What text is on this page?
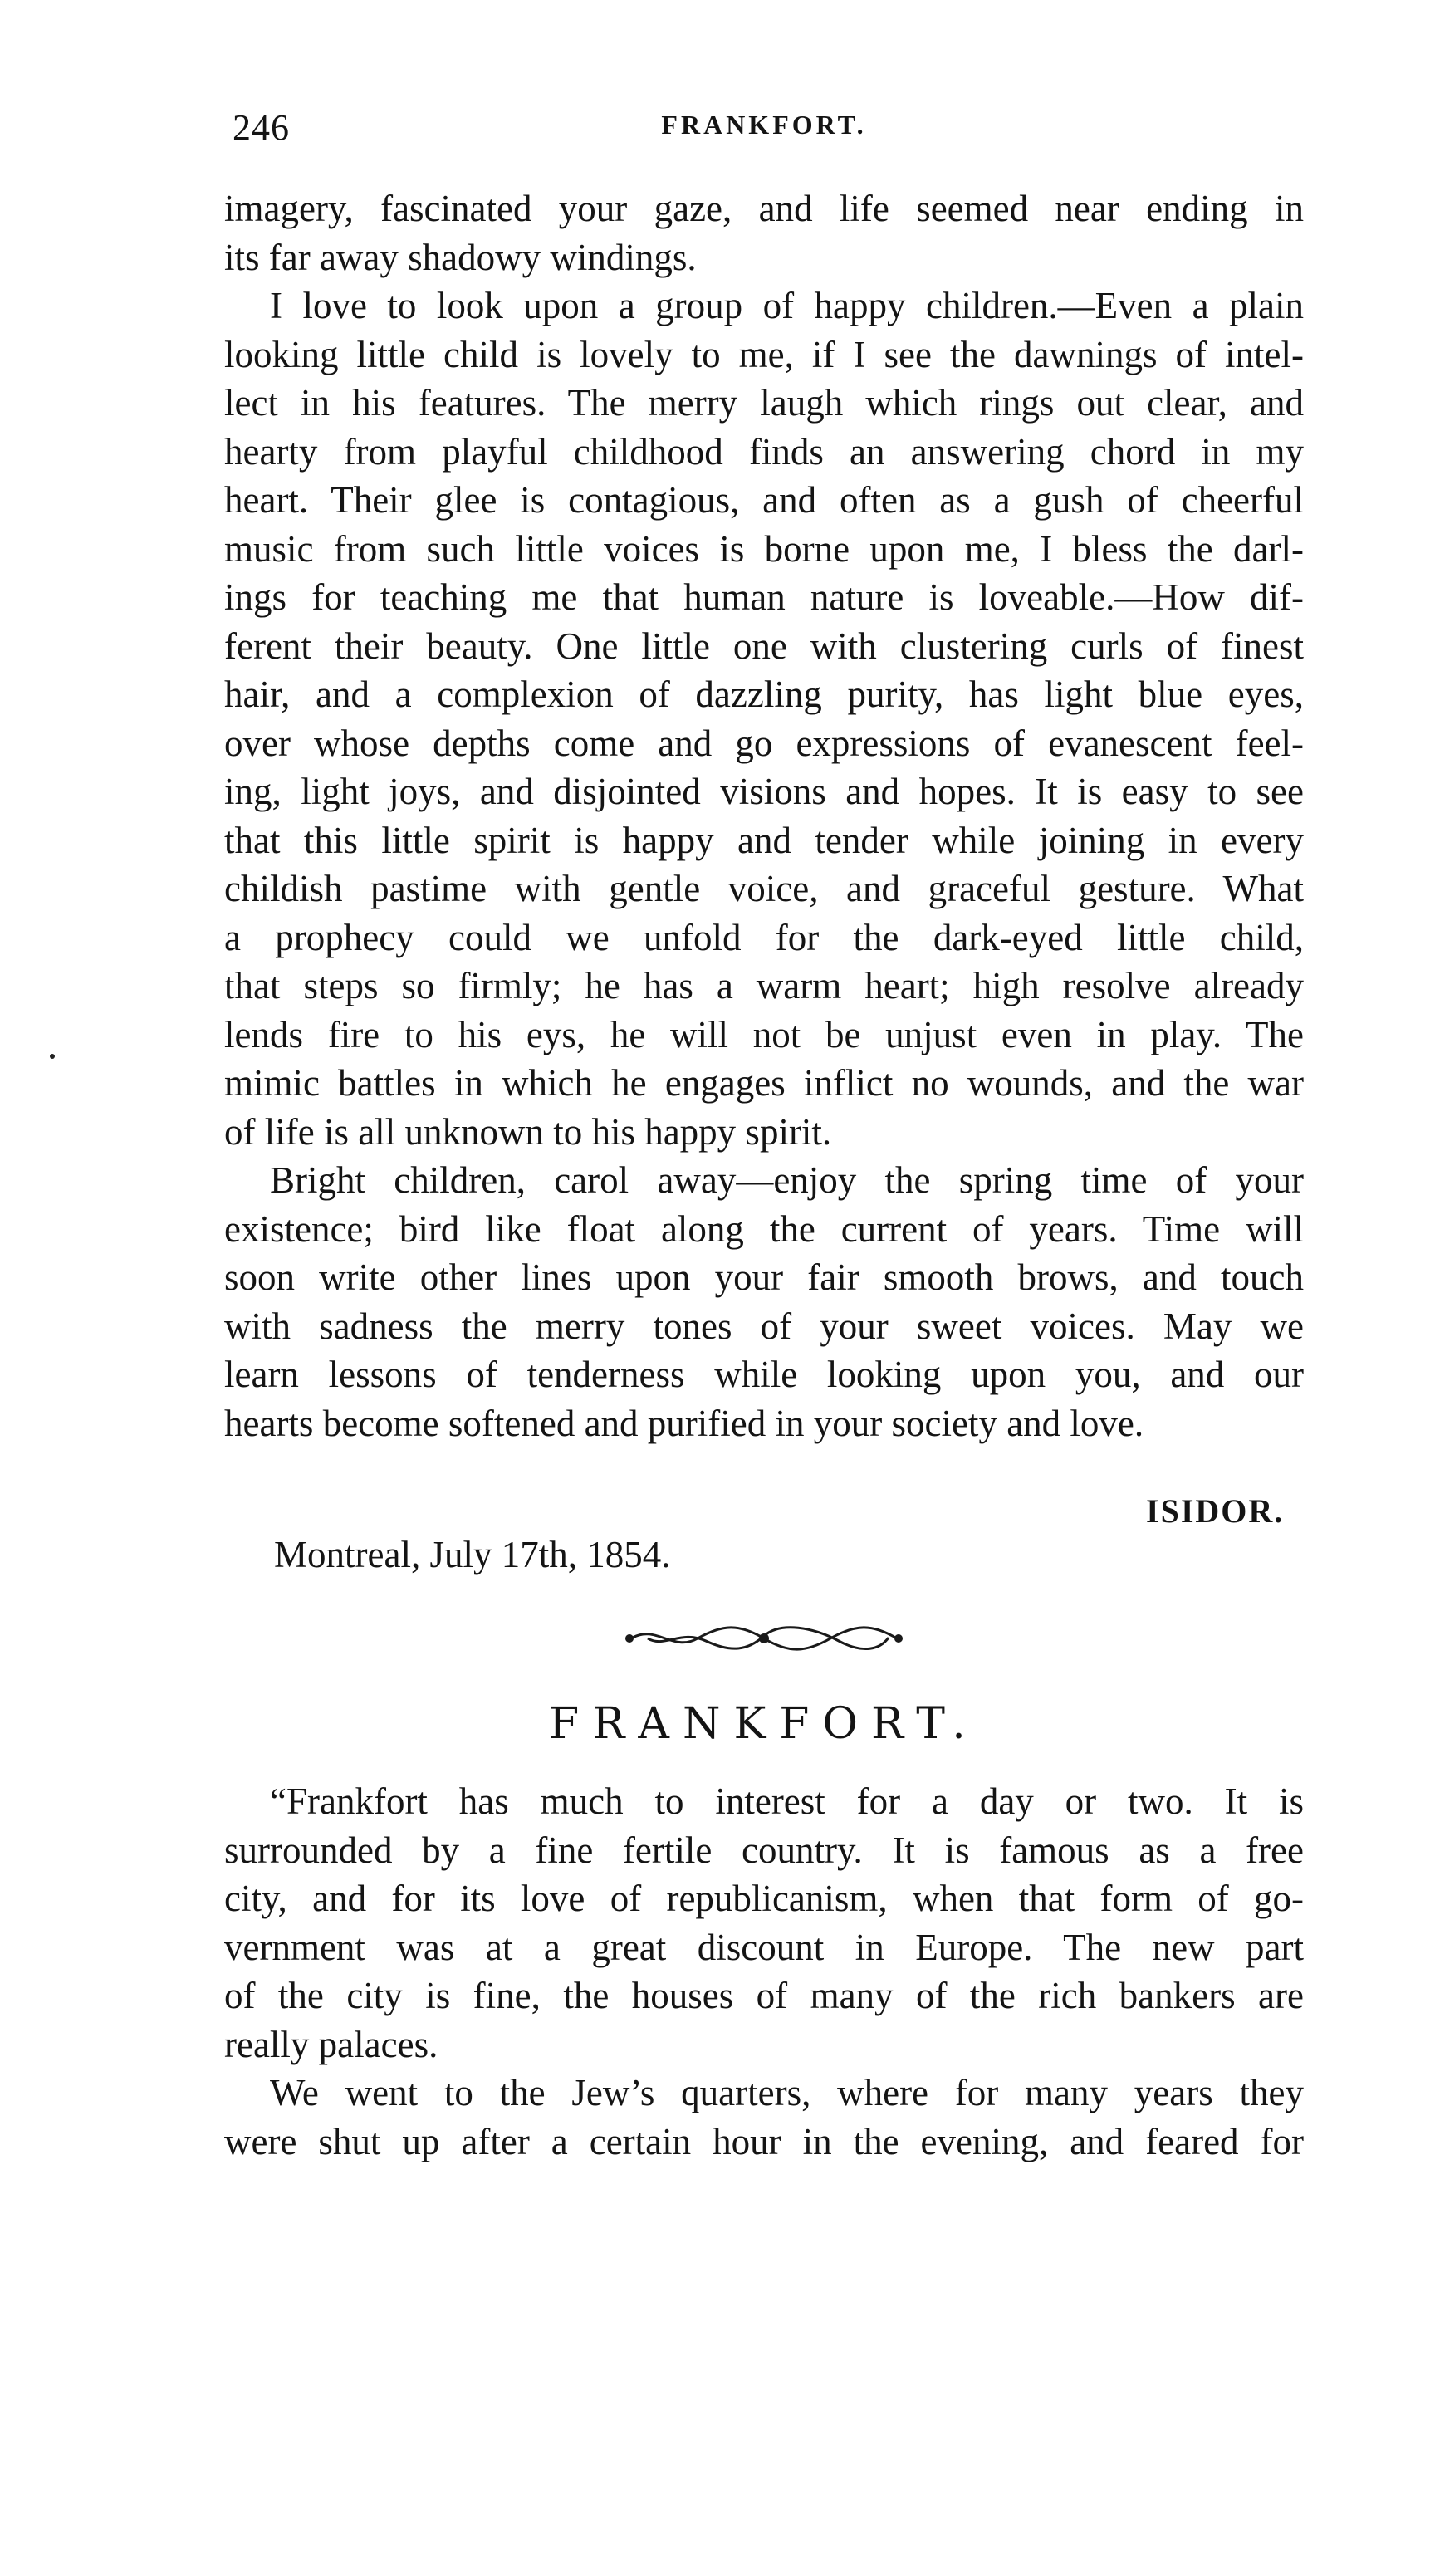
246	FRANKFORT.

imagery, fascinated your gaze, and life seemed near ending in
its far away shadowy windings.

I love to look upon a group of happy children.—Even a plain
looking little child is lovely to me, if I see the dawnings of intel-
lect in his features. The merry laugh which rings out clear, and
hearty from playful childhood finds an answering chord in my
heart. Their glee is contagious, and often as a gush of cheerful
music from such little voices is borne upon me, I bless the darl-
ings for teaching me that human nature is loveable.—How dif-
ferent their beauty. One little one with clustering curls of finest
hair, and a complexion of dazzling purity, has light blue eyes,
over whose depths come and go expressions of evanescent feel-
ing, light joys, and disjointed visions and hopes. It is easy to see
that this little spirit is happy and tender while joining in every
childish pastime with gentle voice, and graceful gesture. What
a prophecy could we unfold for the dark-eyed little child,
that steps so firmly; he has a warm heart; high resolve already
lends fire to his eys, he will not be unjust even in play. The
mimic battles in which he engages inflict no wounds, and the war
of life is all unknown to his happy spirit.

Bright children, carol away—enjoy the spring time of your
existence; bird like float along the current of years. Time will
soon write other lines upon your fair smooth brows, and touch
with sadness the merry tones of your sweet voices. May we
learn lessons of tenderness while looking upon you, and our
hearts become softened and purified in your society and love.

ISIDOR.
Montreal, July 17th, 1854.
FRANKFORT.

“Frankfort has much to interest for a day or two. It is
surrounded by a fine fertile country. It is famous as a free
city, and for its love of republicanism, when that form of go-
vernment was at a great discount in Europe. The new part
of the city is fine, the houses of many of the rich bankers are
really palaces.

We went to the Jew’s quarters, where for many years they
were shut up after a certain hour in the evening, and feared for
